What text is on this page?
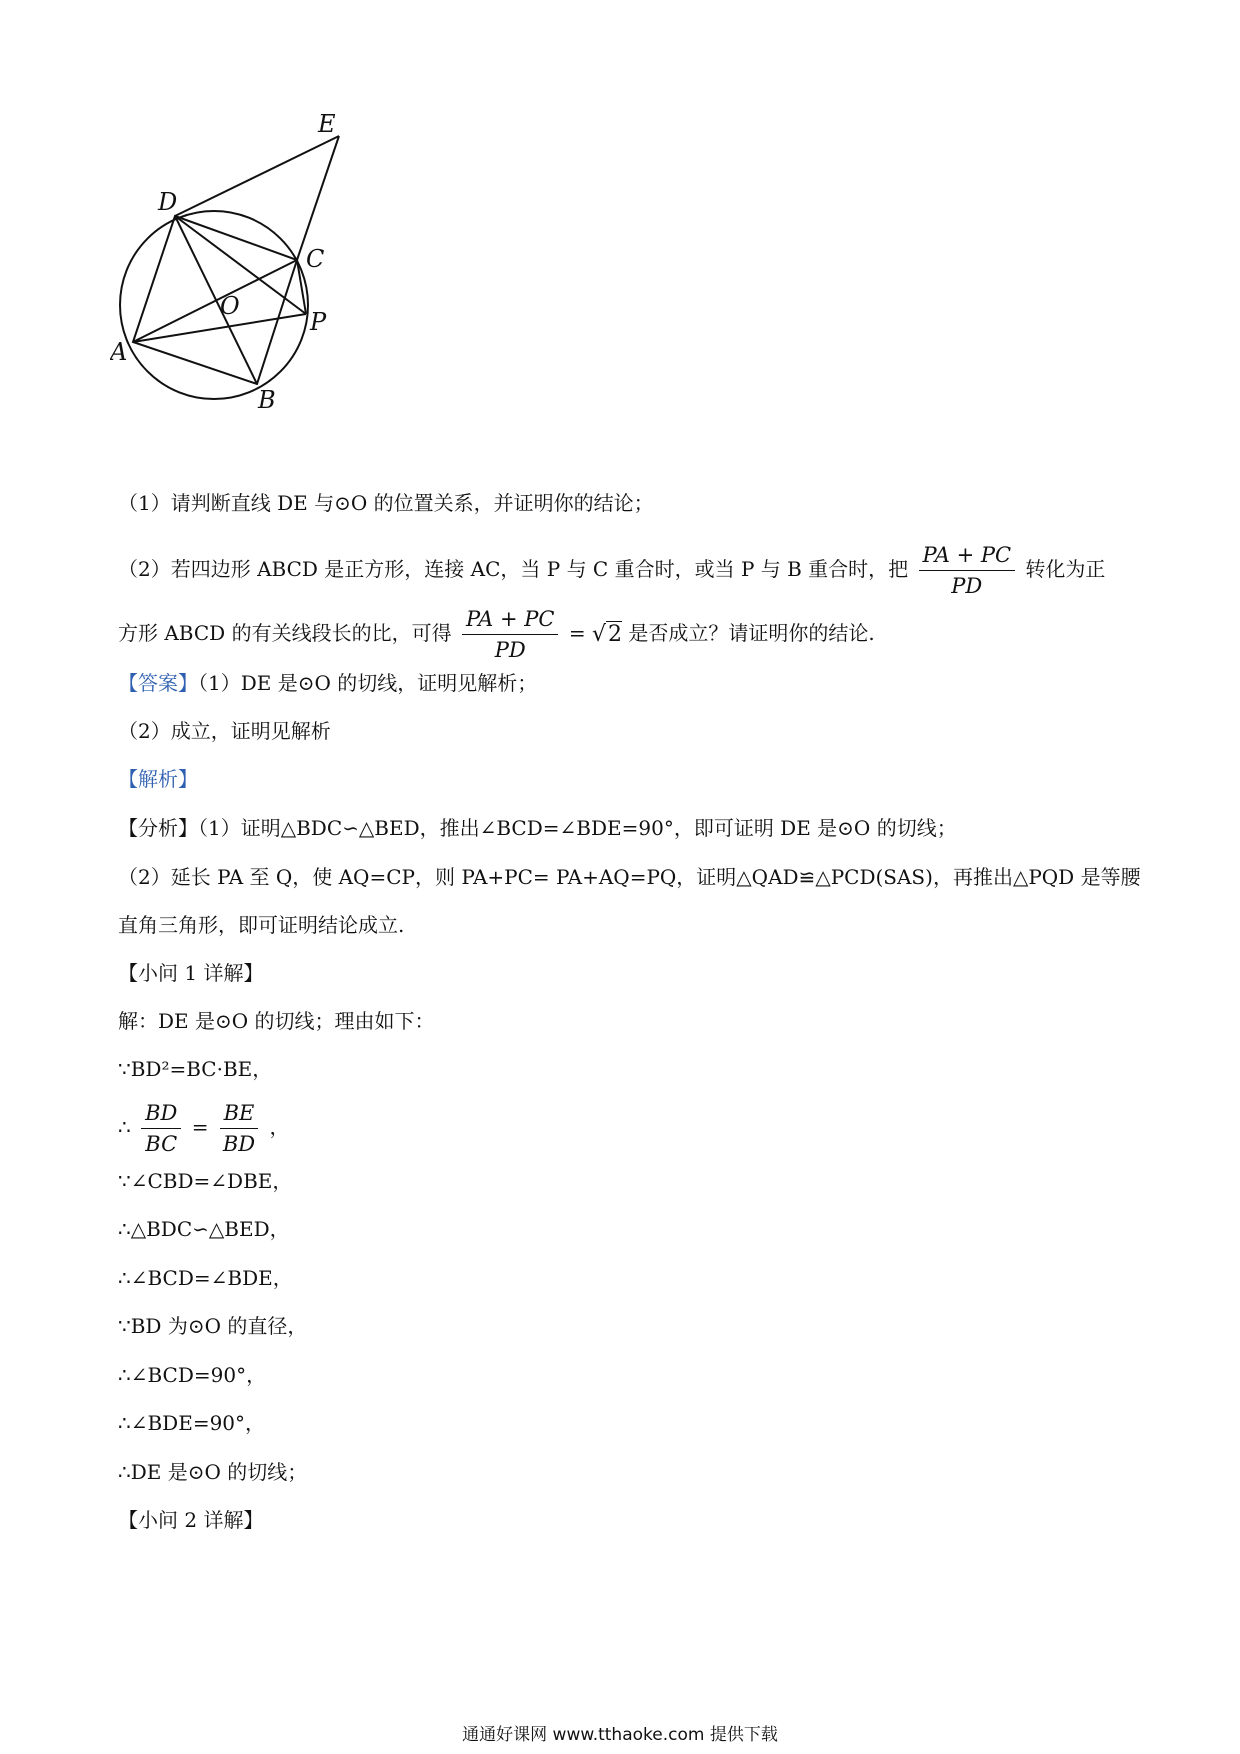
E
D
C
O
P
A
B
（1）请判断直线 DE 与⊙O 的位置关系，并证明你的结论；
（2）若四边形 ABCD 是正方形，连接 AC，当 P 与 C 重合时，或当 P 与 B 重合时，把 $\frac{PA + PC}{PD}$ 转化为正
方形 ABCD 的有关线段长的比，可得 $\frac{PA + PC}{PD} = √2$ 是否成立？请证明你的结论.
【答案】（1）DE 是⊙O 的切线，证明见解析；
（2）成立，证明见解析
【解析】
【分析】（1）证明△BDC∽△BED，推出∠BCD=∠BDE=90°，即可证明 DE 是⊙O 的切线；
（2）延长 PA 至 Q，使 AQ=CP，则 PA+PC= PA+AQ=PQ，证明△QAD≌△PCD(SAS)，再推出△PQD 是等腰
直角三角形，即可证明结论成立.
【小问 1 详解】
解：DE 是⊙O 的切线；理由如下：
∵BD²=BC·BE，
∴ $\frac{BD}{BC} = \frac{BE}{BD}$ ，
∵∠CBD=∠DBE，
∴△BDC∽△BED，
∴∠BCD=∠BDE，
∵BD 为⊙O 的直径，
∴∠BCD=90°，
∴∠BDE=90°，
∴DE 是⊙O 的切线；
【小问 2 详解】
通通好课网 www.tthaoke.com 提供下载
